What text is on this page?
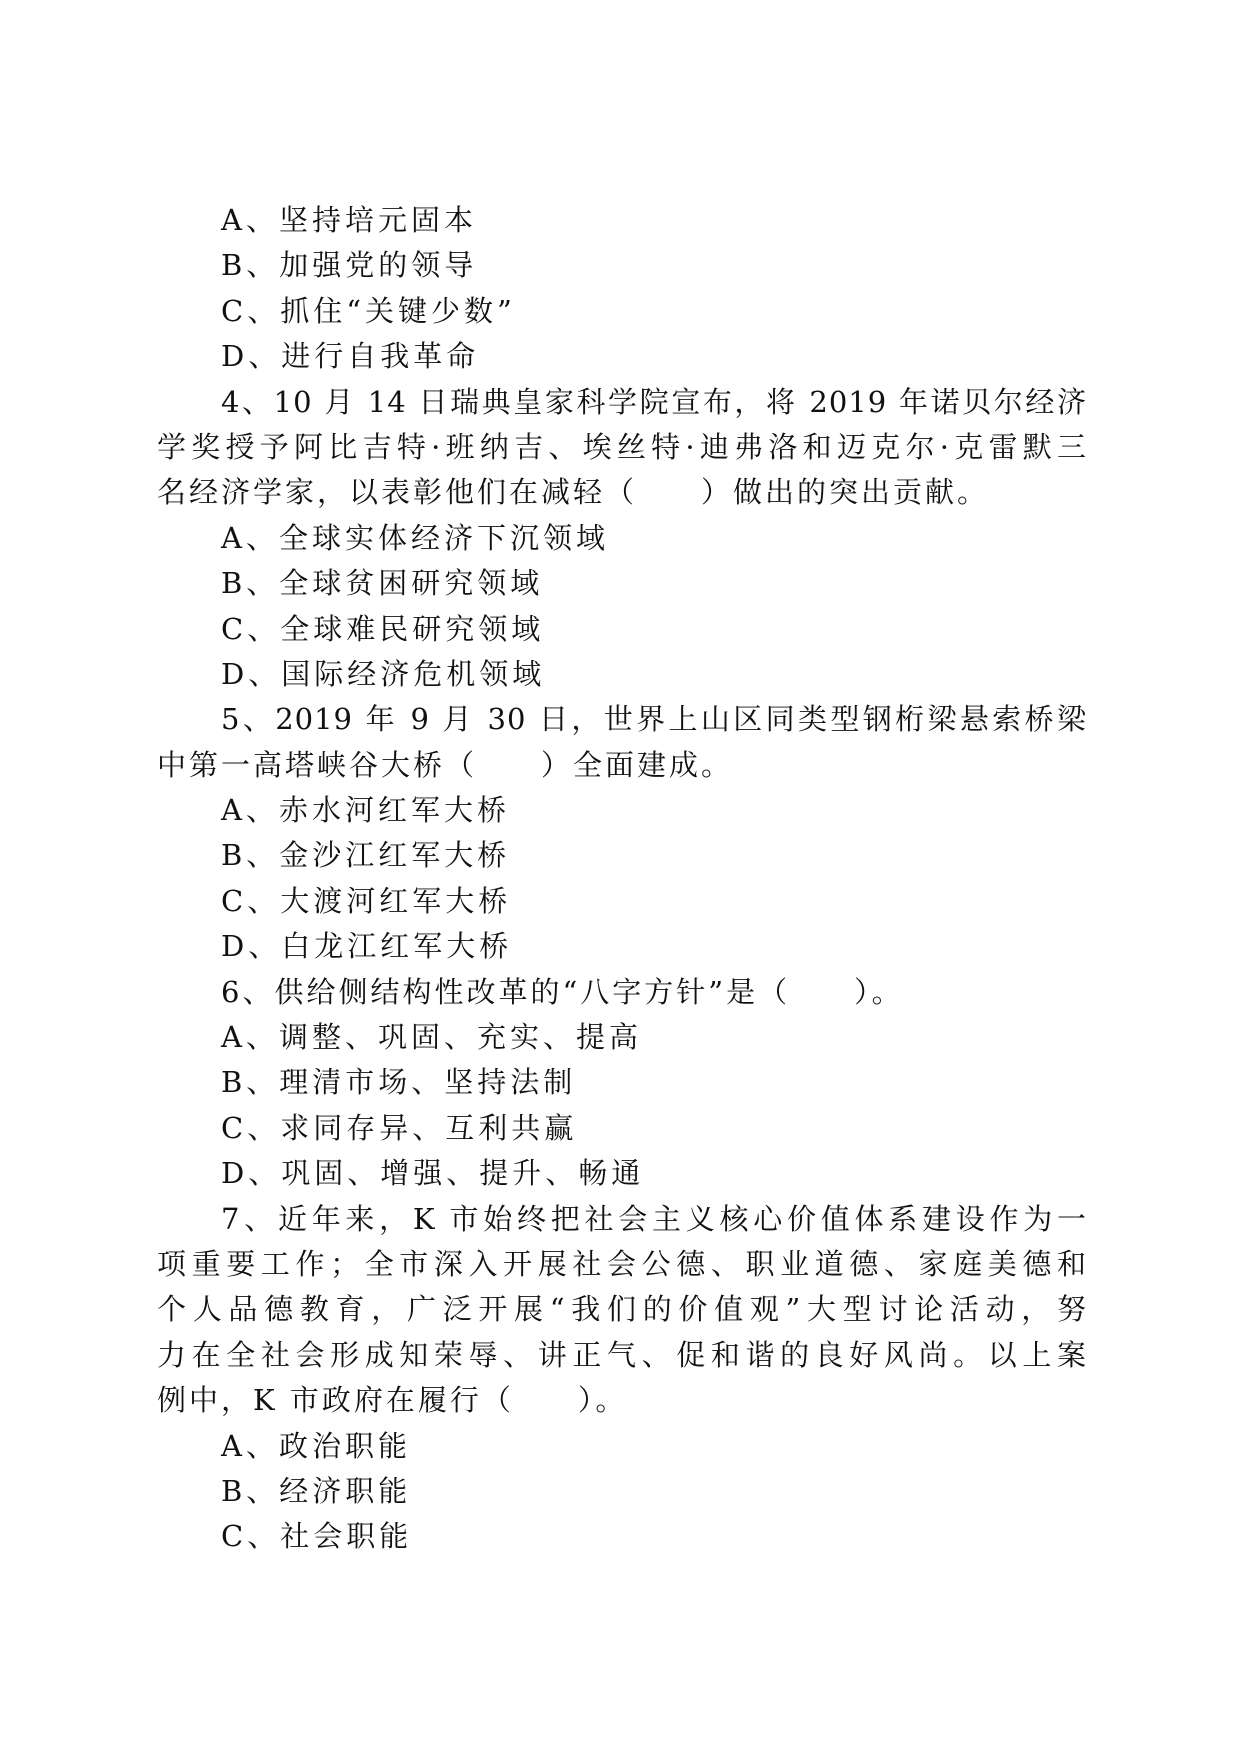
A、坚持培元固本
B、加强党的领导
C、抓住“关键少数”
D、进行自我革命
4、10 月 14 日瑞典皇家科学院宣布，将 2019 年诺贝尔经济
学奖授予阿比吉特·班纳吉、埃丝特·迪弗洛和迈克尔·克雷默三
名经济学家，以表彰他们在减轻（　　）做出的突出贡献。
A、全球实体经济下沉领域
B、全球贫困研究领域
C、全球难民研究领域
D、国际经济危机领域
5、2019 年 9 月 30 日，世界上山区同类型钢桁梁悬索桥梁
中第一高塔峡谷大桥（　　）全面建成。
A、赤水河红军大桥
B、金沙江红军大桥
C、大渡河红军大桥
D、白龙江红军大桥
6、供给侧结构性改革的“八字方针”是（　　）。
A、调整、巩固、充实、提高
B、理清市场、坚持法制
C、求同存异、互利共赢
D、巩固、增强、提升、畅通
7、近年来，K 市始终把社会主义核心价值体系建设作为一
项重要工作；全市深入开展社会公德、职业道德、家庭美德和
个人品德教育，广泛开展“我们的价值观”大型讨论活动，努
力在全社会形成知荣辱、讲正气、促和谐的良好风尚。以上案
例中，K 市政府在履行（　　）。
A、政治职能
B、经济职能
C、社会职能
